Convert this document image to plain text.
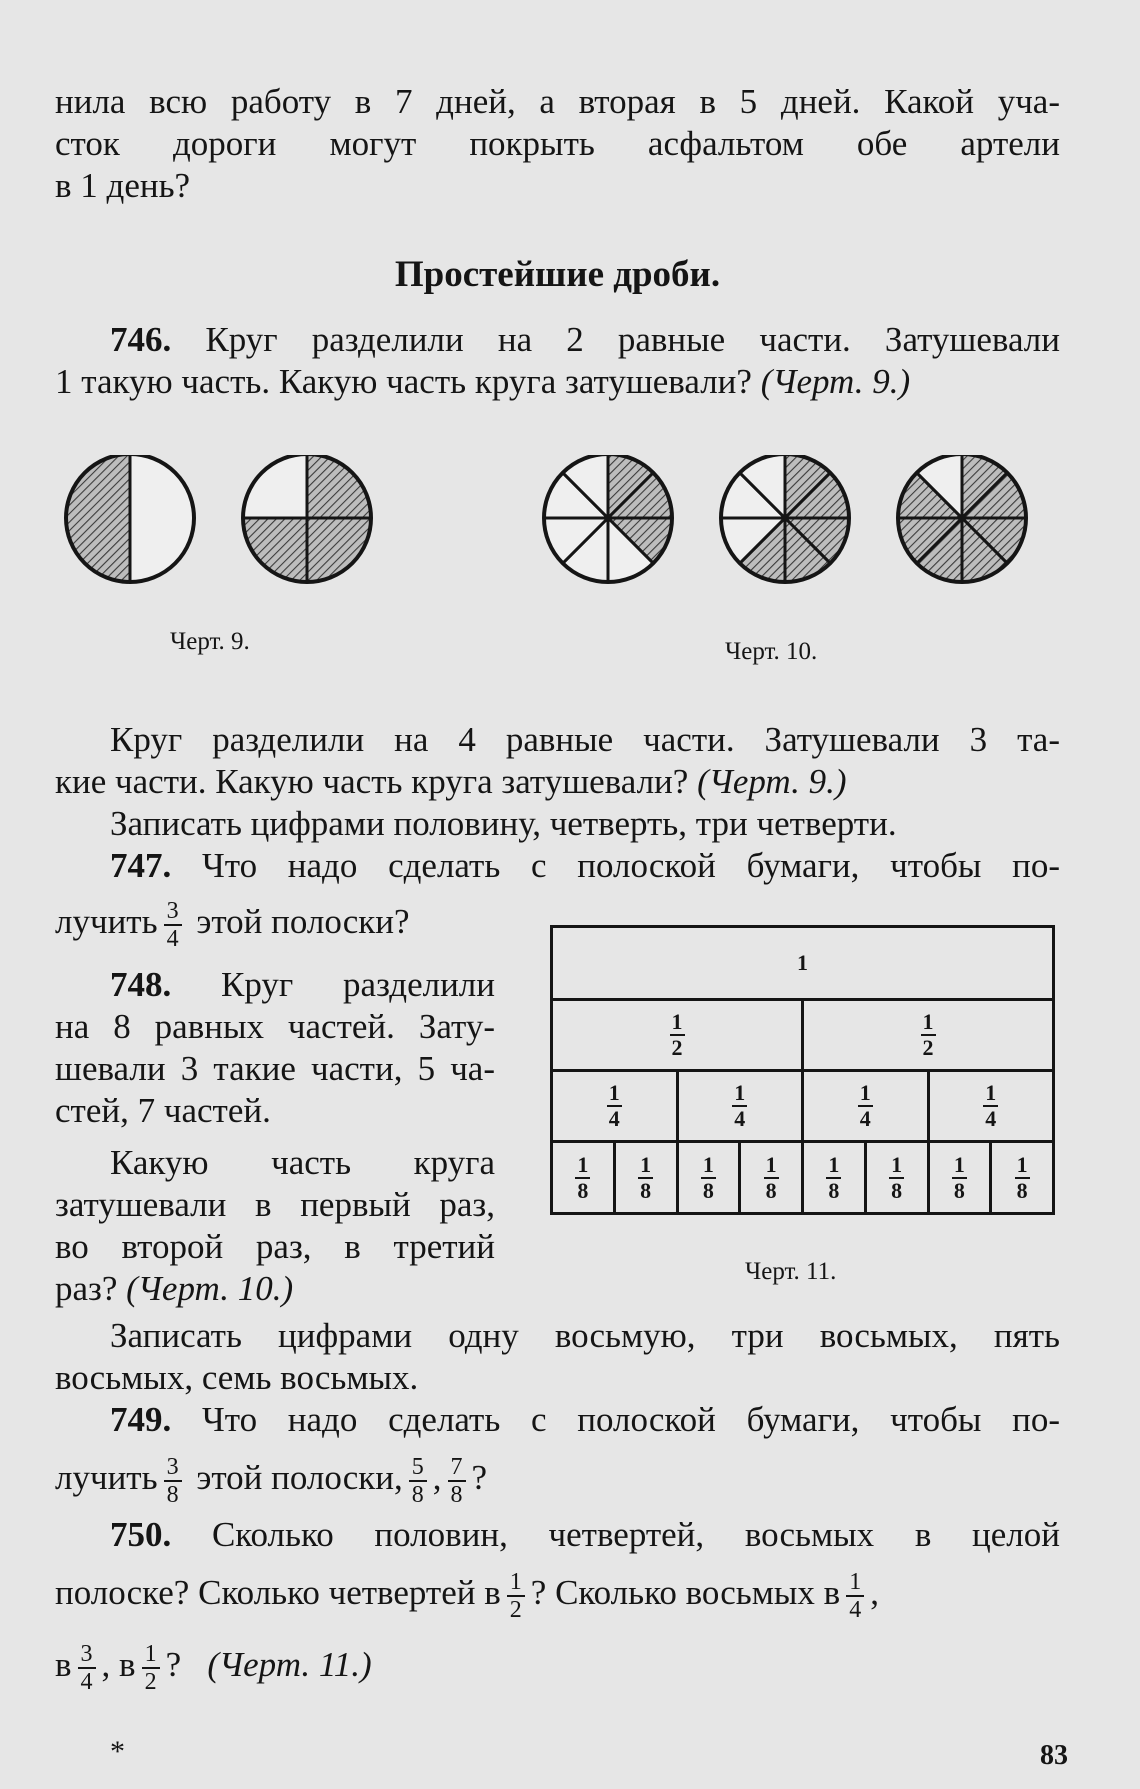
нила всю работу в 7 дней, а вторая в 5 дней. Какой уча-

сток дороги могут покрыть асфальтом обе артели

в 1 день?

Простейшие дроби.

746. Круг разделили на 2 равные части. Затушевали

1 такую часть. Какую часть круга затушевали? (Черт. 9.)

Черт. 9.	Черт. 10.

Круг разделили на 4 равные части. Затушевали 3 та-

кие части. Какую часть круга затушевали? (Черт. 9.)

Записать цифрами половину, четверть, три четверти.

747. Что надо сделать с полоской бумаги, чтобы по-

лучить $\frac{3}{4}$ этой полоски?

748. Круг разделили

на 8 равных частей. Зату-

шевали 3 такие части, 5 ча-

стей, 7 частей.

Какую часть круга

затушевали в первый раз,

во второй раз, в третий

раз? (Черт. 10.)

1
$\frac{1}{2}$	$\frac{1}{2}$
$\frac{1}{4}$	$\frac{1}{4}$	$\frac{1}{4}$	$\frac{1}{4}$
$\frac{1}{8} \frac{1}{8} \frac{1}{8} \frac{1}{8} \frac{1}{8} \frac{1}{8} \frac{1}{8} \frac{1}{8}$
Черт. 11.

Записать цифрами одну восьмую, три восьмых, пять

восьмых, семь восьмых.

749. Что надо сделать с полоской бумаги, чтобы по-

лучить $\frac{3}{8}$ этой полоски, $\frac{5}{8}$ , $\frac{7}{8}$ ?

750. Сколько половин, четвертей, восьмых в целой

полоске? Сколько четвертей в $\frac{1}{2}$ ? Сколько восьмых в $\frac{1}{4}$ ,

в $\frac{3}{4}$ , в $\frac{1}{2}$ ? (Черт. 11.)

*	83
